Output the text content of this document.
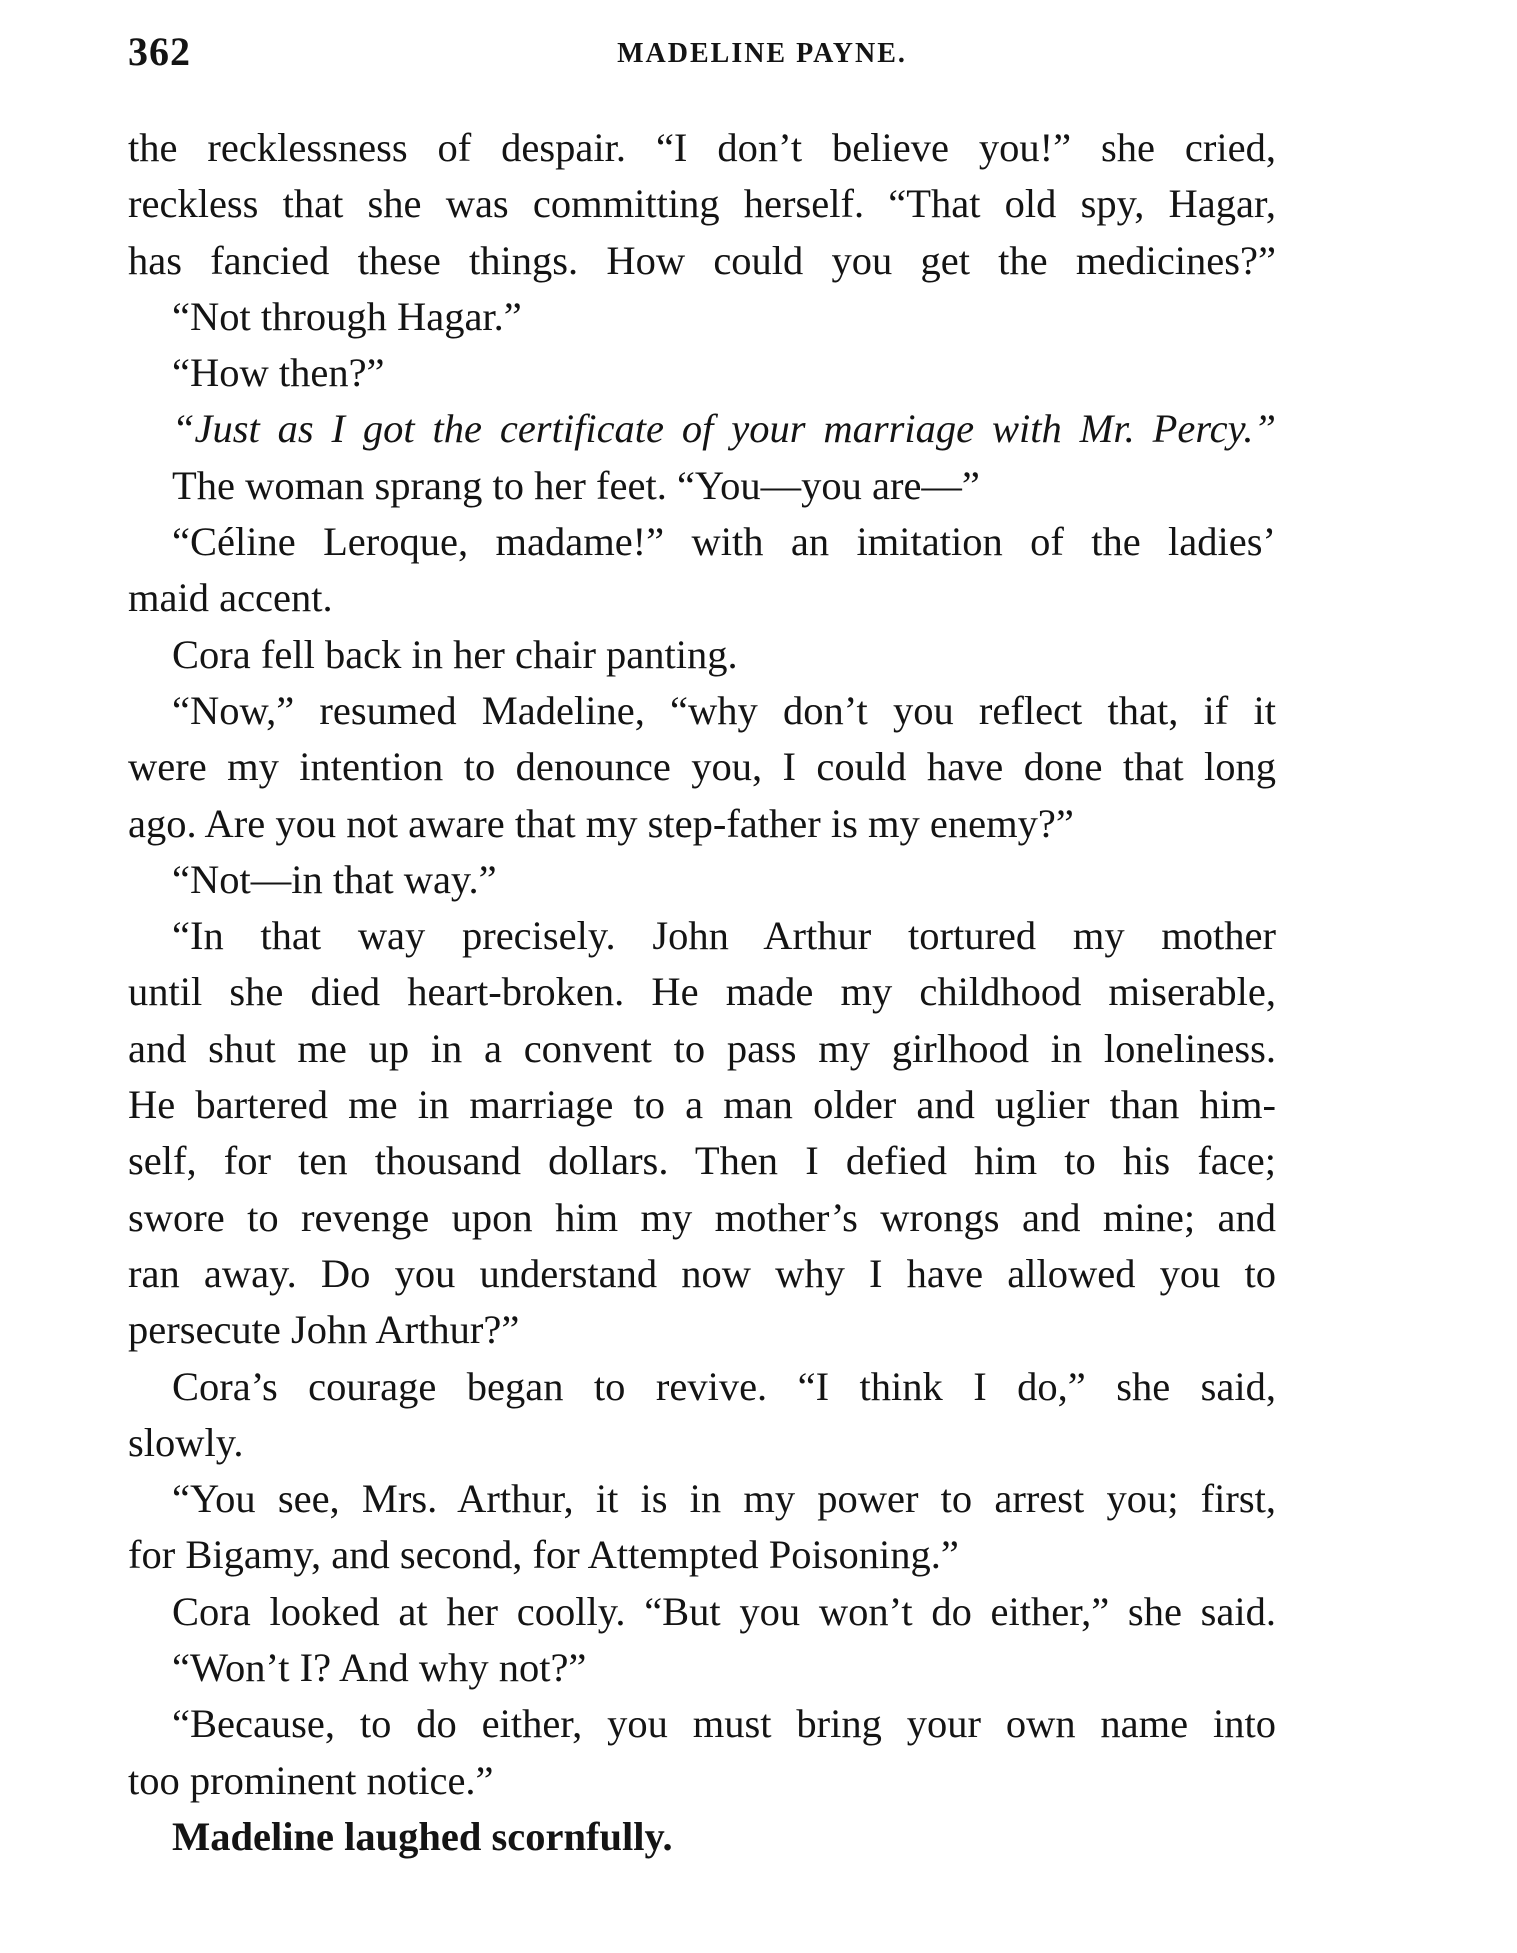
362	MADELINE PAYNE.
the recklessness of despair. “I don’t believe you!” she cried,
reckless that she was committing herself. “That old spy, Hagar,
has fancied these things. How could you get the medicines?”
“Not through Hagar.”
“How then?”
“Just as I got the certificate of your marriage with Mr. Percy.”
The woman sprang to her feet. “You—you are—”
“Céline Leroque, madame!” with an imitation of the ladies’
maid accent.
Cora fell back in her chair panting.
“Now,” resumed Madeline, “why don’t you reflect that, if it
were my intention to denounce you, I could have done that long
ago. Are you not aware that my step-father is my enemy?”
“Not—in that way.”
“In that way precisely. John Arthur tortured my mother
until she died heart-broken. He made my childhood miserable,
and shut me up in a convent to pass my girlhood in loneliness.
He bartered me in marriage to a man older and uglier than him-
self, for ten thousand dollars. Then I defied him to his face;
swore to revenge upon him my mother’s wrongs and mine; and
ran away. Do you understand now why I have allowed you to
persecute John Arthur?”
Cora’s courage began to revive. “I think I do,” she said,
slowly.
“You see, Mrs. Arthur, it is in my power to arrest you; first,
for Bigamy, and second, for Attempted Poisoning.”
Cora looked at her coolly. “But you won’t do either,” she said.
“Won’t I? And why not?”
“Because, to do either, you must bring your own name into
too prominent notice.”
Madeline laughed scornfully.
